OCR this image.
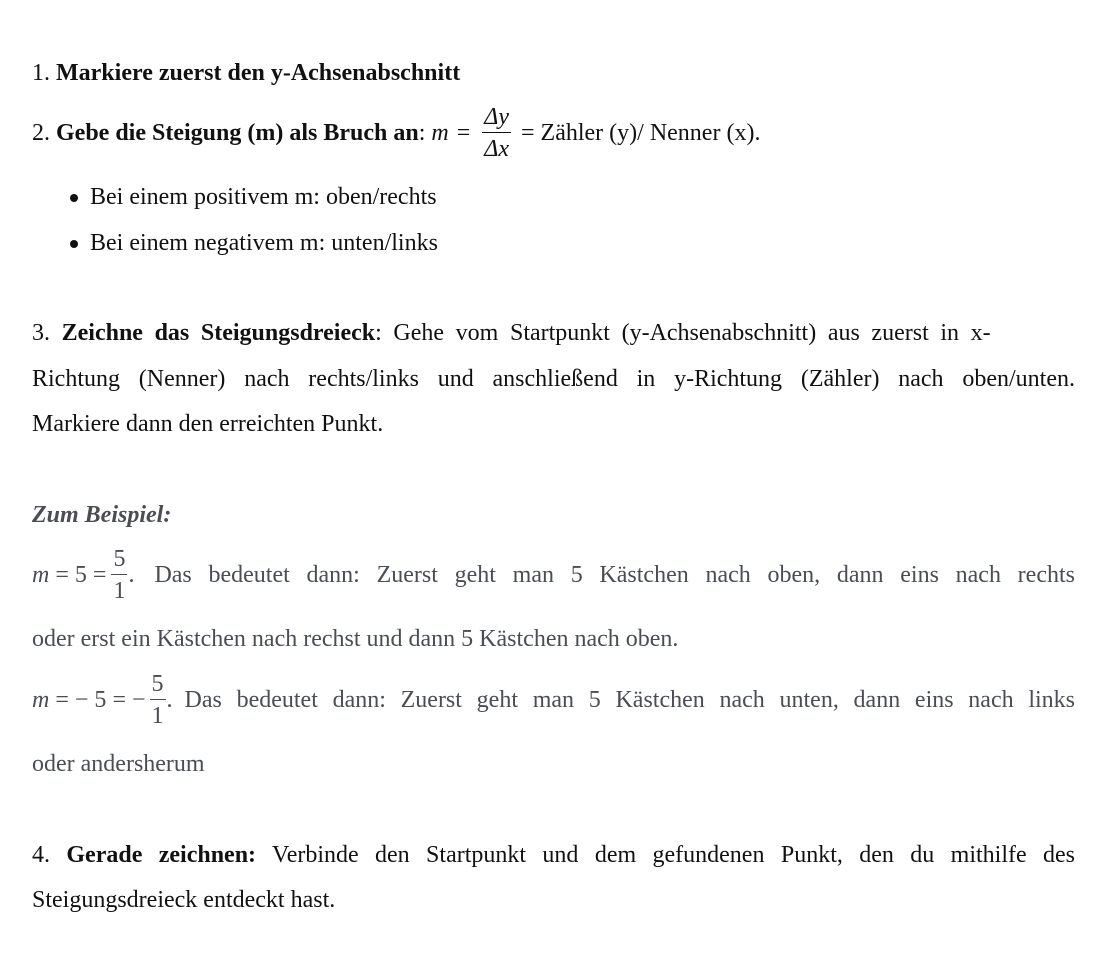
1. Markiere zuerst den y-Achsenabschnitt
2.
Gebe die Steigung (m) als Bruch an :
$m = \frac{\Delta y}{\Delta x}$ = Zähler (y)/ Nenner (x).
Bei einem positivem m: oben/rechts
Bei einem negativem m: unten/links
3. Zeichne das Steigungsdreieck: Gehe vom Startpunkt (y-Achsenabschnitt) aus zuerst in x-
Richtung (Nenner) nach rechts/links und anschließend in y-Richtung (Zähler) nach oben/unten.
Markiere dann den erreichten Punkt.
Zum Beispiel:
$m = 5 = \frac{5}{1}$ . Das bedeutet dann: Zuerst geht man 5 Kästchen nach oben, dann eins nach rechts
oder erst ein Kästchen nach rechst und dann 5 Kästchen nach oben.
m = − 5 = − $\frac{5}{1}$ . Das bedeutet dann: Zuerst geht man 5 Kästchen nach unten, dann eins nach links
oder andersherum
4. Gerade zeichnen: Verbinde den Startpunkt und dem gefundenen Punkt, den du mithilfe des
Steigungsdreieck entdeckt hast.
